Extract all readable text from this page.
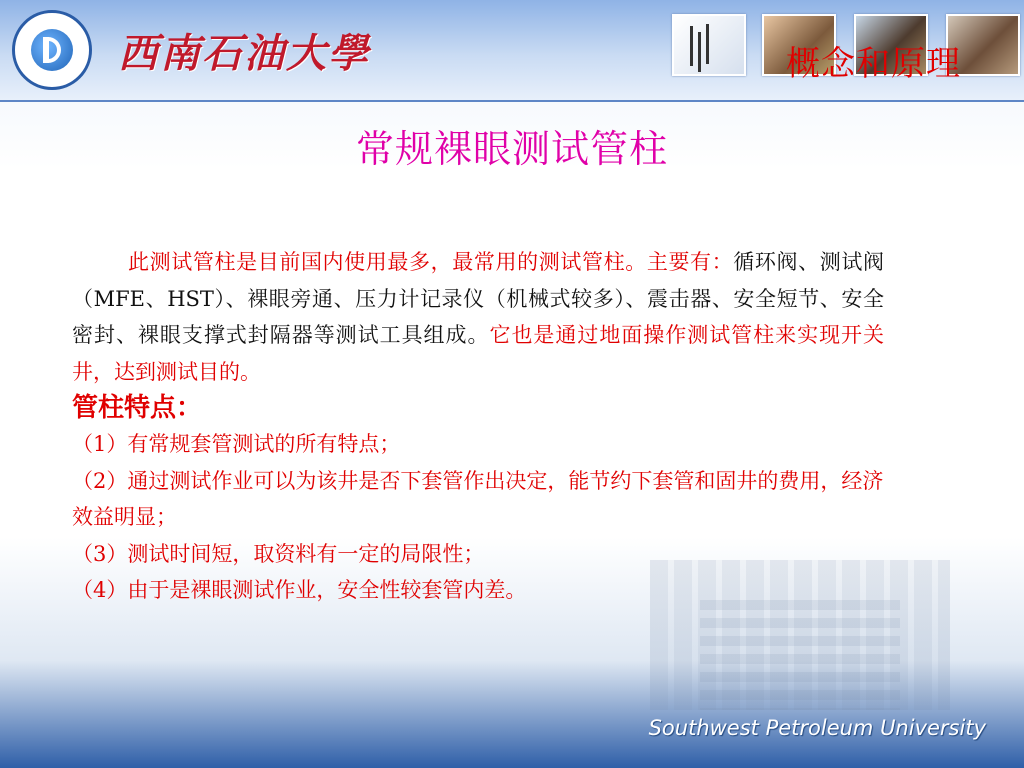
西南石油大學	概念和原理
常规裸眼测试管柱

此测试管柱是目前国内使用最多，最常用的测试管柱。主要有：循环阀、测试阀（MFE、HST）、裸眼旁通、压力计记录仪（机械式较多）、震击器、安全短节、安全密封、裸眼支撑式封隔器等测试工具组成。它也是通过地面操作测试管柱来实现开关井，达到测试目的。

管柱特点：

（1）有常规套管测试的所有特点；

（2）通过测试作业可以为该井是否下套管作出决定，能节约下套管和固井的费用，经济效益明显；

（3）测试时间短，取资料有一定的局限性；

（4）由于是裸眼测试作业，安全性较套管内差。

Southwest Petroleum University
